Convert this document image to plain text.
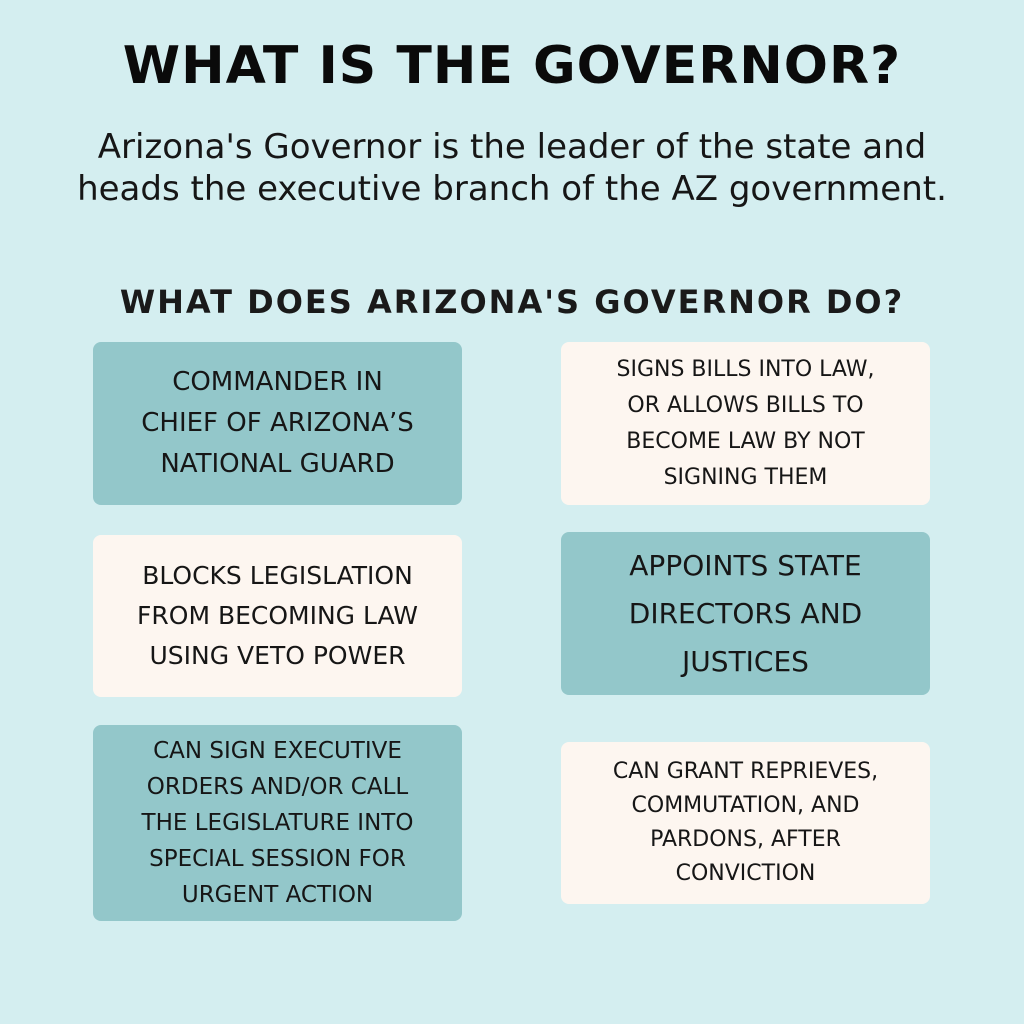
WHAT IS THE GOVERNOR?

Arizona's Governor is the leader of the state and
heads the executive branch of the AZ government.

WHAT DOES ARIZONA'S GOVERNOR DO?
COMMANDER IN
CHIEF OF ARIZONA’S
NATIONAL GUARD
SIGNS BILLS INTO LAW,
OR ALLOWS BILLS TO
BECOME LAW BY NOT
SIGNING THEM
BLOCKS LEGISLATION
FROM BECOMING LAW
USING VETO POWER
APPOINTS STATE
DIRECTORS AND
JUSTICES
CAN SIGN EXECUTIVE
ORDERS AND/OR CALL
THE LEGISLATURE INTO
SPECIAL SESSION FOR
URGENT ACTION
CAN GRANT REPRIEVES,
COMMUTATION, AND
PARDONS, AFTER
CONVICTION
